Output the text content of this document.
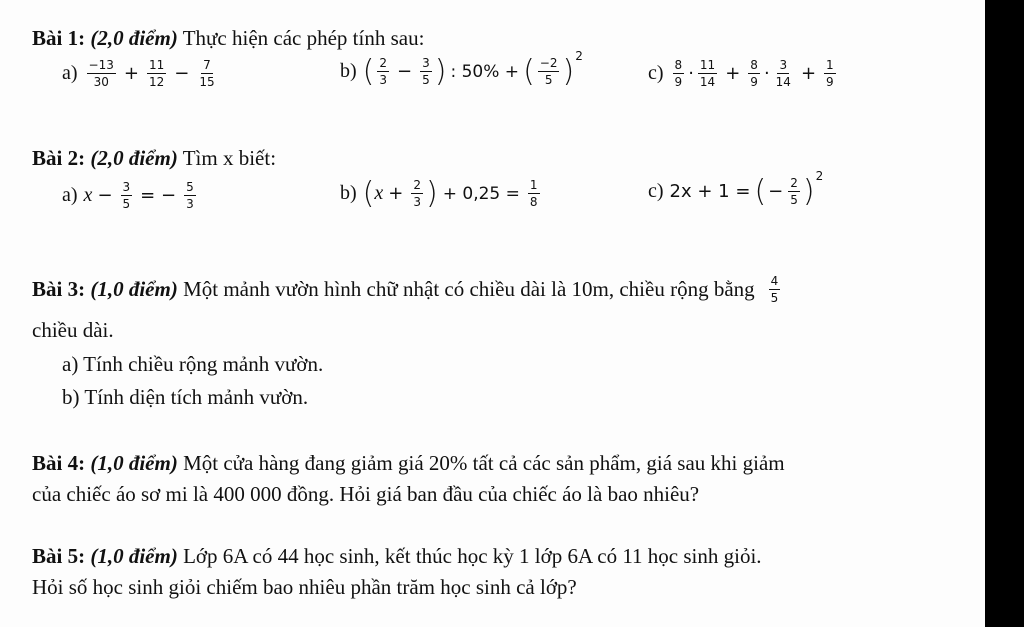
Bài 1: (2,0 điểm) Thực hiện các phép tính sau:
$a) \frac{-13}{30} + \frac{11}{12} - \frac{7}{15}$	b) ( $\frac{2}{3} - \frac{3}{5}$ ) : 50% + ( $\frac{-2}{5} )^2$
$c) \frac{8}{9} \cdot \frac{11}{14} + \frac{8}{9} \cdot \frac{3}{14} + \frac{1}{9}$
Bài 2: (2,0 điểm) Tìm x biết:
a) $x - \frac{3}{5}$ = − $\frac{5}{3}$	b) ( $x + \frac{2}{3}$ ) + $0,25 = \frac{1}{8}$	c) 2x + 1 = ( − $\frac{2}{5} )^2$
Bài 3:
(1,0 điểm)
Một mảnh vườn hình chữ nhật có chiều dài là 10m, chiều rộng bằng $\frac{4}{5}$
chiều dài.
a) Tính chiều rộng mảnh vườn.
b) Tính diện tích mảnh vườn.
Bài 4: (1,0 điểm) Một cửa hàng đang giảm giá 20% tất cả các sản phẩm, giá sau khi giảm
của chiếc áo sơ mi là 400 000 đồng. Hỏi giá ban đầu của chiếc áo là bao nhiêu?
Bài 5: (1,0 điểm) Lớp 6A có 44 học sinh, kết thúc học kỳ 1 lớp 6A có 11 học sinh giỏi.
Hỏi số học sinh giỏi chiếm bao nhiêu phần trăm học sinh cả lớp?
